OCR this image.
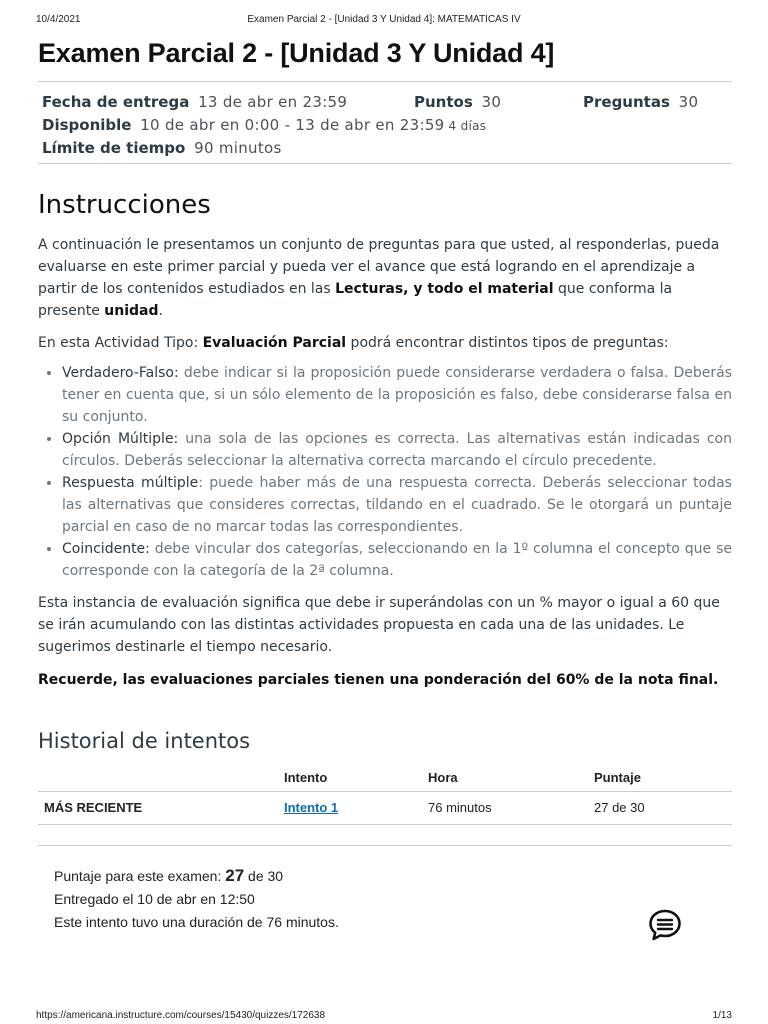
10/4/2021	Examen Parcial 2 - [Unidad 3 Y Unidad 4]: MATEMATICAS IV
Examen Parcial 2 - [Unidad 3 Y Unidad 4]
Fecha de entrega 13 de abr en 23:59	Puntos 30	Preguntas 30
Disponible 10 de abr en 0:00 - 13 de abr en 23:59 4 días
Límite de tiempo 90 minutos
Instrucciones
A continuación le presentamos un conjunto de preguntas para que usted, al responderlas, pueda evaluarse en este primer parcial y pueda ver el avance que está logrando en el aprendizaje a partir de los contenidos estudiados en las Lecturas, y todo el material que conforma la presente unidad.
En esta Actividad Tipo: Evaluación Parcial podrá encontrar distintos tipos de preguntas:
• Verdadero-Falso: debe indicar si la proposición puede considerarse verdadera o falsa. Deberás tener en cuenta que, si un sólo elemento de la proposición es falso, debe considerarse falsa en su conjunto.
• Opción Múltiple: una sola de las opciones es correcta. Las alternativas están indicadas con círculos. Deberás seleccionar la alternativa correcta marcando el círculo precedente.
• Respuesta múltiple: puede haber más de una respuesta correcta. Deberás seleccionar todas las alternativas que consideres correctas, tildando en el cuadrado. Se le otorgará un puntaje parcial en caso de no marcar todas las correspondientes.
• Coincidente: debe vincular dos categorías, seleccionando en la 1º columna el concepto que se corresponde con la categoría de la 2ª columna.
Esta instancia de evaluación significa que debe ir superándolas con un % mayor o igual a 60 que se irán acumulando con las distintas actividades propuesta en cada una de las unidades. Le sugerimos destinarle el tiempo necesario.
Recuerde, las evaluaciones parciales tienen una ponderación del 60% de la nota final.
Historial de intentos
	Intento	Hora	Puntaje
MÁS RECIENTE	Intento 1	76 minutos	27 de 30
Puntaje para este examen: 27 de 30
Entregado el 10 de abr en 12:50
Este intento tuvo una duración de 76 minutos.
https://americana.instructure.com/courses/15430/quizzes/172638	1/13
